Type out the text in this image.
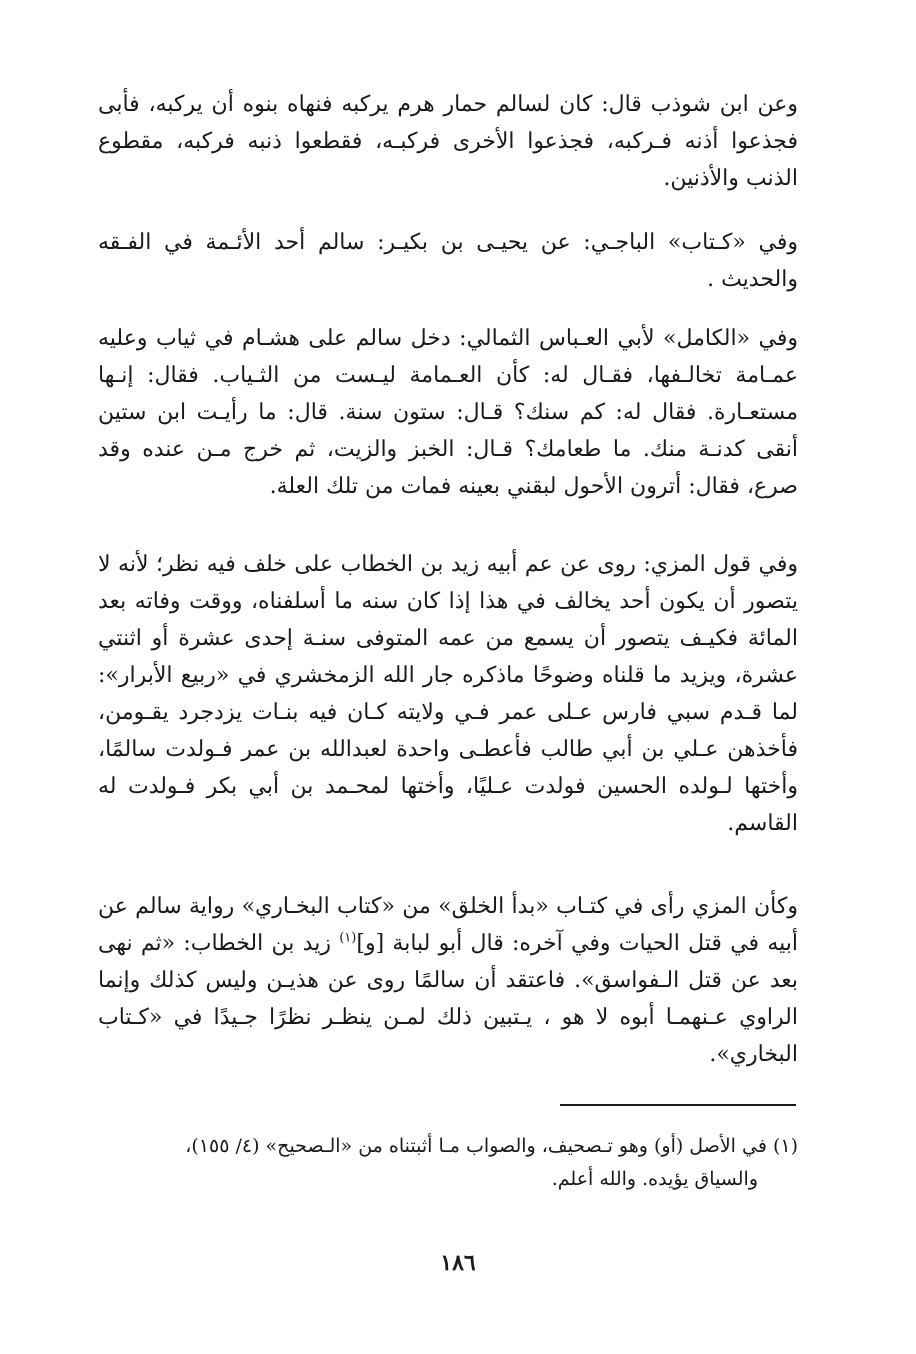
وعن ابن شوذب قال: كان لسالم حمار هرم يركبه فنهاه بنوه أن يركبه، فأبى فجذعوا أذنه فـركبه، فجذعوا الأخرى فركبـه، فقطعوا ذنبه فركبه، مقطوع الذنب والأذنين.

وفي «كـتاب» الباجـي: عن يحيـى بن بكيـر: سالم أحد الأئـمة في الفـقه والحديث .

وفي «الكامل» لأبي العـباس الثمالي: دخل سالم على هشـام في ثياب وعليه عمـامة تخالـفها، فقـال له: كأن العـمامة ليـست من الثـياب. فقال: إنـها مستعـارة. فقال له: كم سنك؟ قـال: ستون سنة. قال: ما رأيـت ابن ستين أنقى كدنـة منك. ما طعامك؟ قـال: الخبز والزيت، ثم خرج مـن عنده وقد صرع، فقال: أترون الأحول لبقني بعينه فمات من تلك العلة.

وفي قول المزي: روى عن عم أبيه زيد بن الخطاب على خلف فيه نظر؛ لأنه لا يتصور أن يكون أحد يخالف في هذا إذا كان سنه ما أسلفناه، ووقت وفاته بعد المائة فكيـف يتصور أن يسمع من عمه المتوفى سنـة إحدى عشرة أو اثنتي عشرة، ويزيد ما قلناه وضوحًا ماذكره جار الله الزمخشري في «ربيع الأبرار»: لما قـدم سبي فارس عـلى عمر فـي ولايته كـان فيه بنـات يزدجرد يقـومن، فأخذهن عـلي بن أبي طالب فأعطـى واحدة لعبدالله بن عمر فـولدت سالمًا، وأختها لـولده الحسين فولدت عـليًا، وأختها لمحـمد بن أبي بكر فـولدت له القاسم.

وكأن المزي رأى في كتـاب «بدأ الخلق» من «كتاب البخـاري» رواية سالم عن أبيه في قتل الحيات وفي آخره: قال أبو لبابة [و]$^{(١)}$ زيد بن الخطاب: «ثم نهى بعد عن قتل الـفواسق». فاعتقد أن سالمًا روى عن هذيـن وليس كذلك وإنما الراوي عـنهمـا أبوه لا هو ، يـتبين ذلك لمـن ينظـر نظرًا جـيدًا في «كـتاب البخاري».

(١) في الأصل (أو) وهو تـصحيف، والصواب مـا أثبتناه من «الـصحيح» (٤/ ١٥٥)،
والسياق يؤيده. والله أعلم.

١٨٦
